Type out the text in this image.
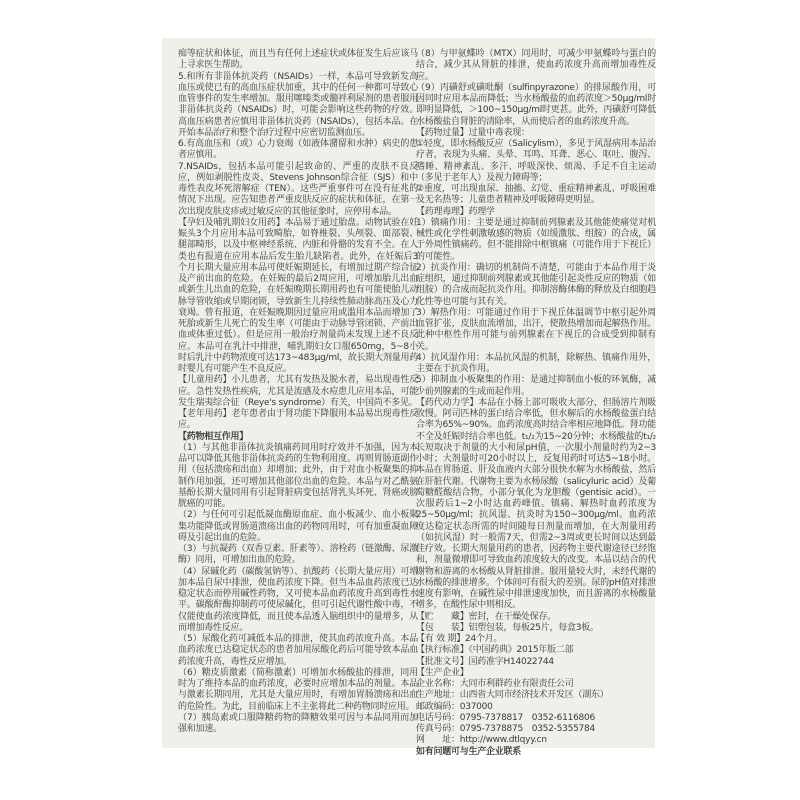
痴等症状和体征，而且当有任何上述症状或体征发生后应该马上寻求医生帮助。

5.和所有非甾体抗炎药（NSAIDs）一样，本品可导致新发高血压或使已有的高血压症状加重，其中的任何一种都可导致心血管事件的发生率增加。服用噻嗪类或髓袢利尿剂的患者服用非甾体抗炎药（NSAIDs）时，可能会影响这些药物的疗效。高血压病患者应慎用非甾体抗炎药（NSAIDs），包括本品。在开始本品治疗和整个治疗过程中应密切监测血压。

6.有高血压和（或）心力衰竭（如液体潴留和水肿）病史的患者应慎用。

7.NSAIDs，包括本品可能引起致命的、严重的皮肤不良反应，例如剥脱性皮炎、Stevens Johnson综合征（SJS）和中毒性表皮坏死溶解症（TEN）。这些严重事件可在没有征兆的情况下出现。应告知患者严重皮肤反应的症状和体征，在第一次出现皮肤皮疹或过敏反应的其他征象时，应停用本品。

【孕妇及哺乳期妇女用药】本品易于通过胎盘。动物试验在妊娠头3个月应用本品可致畸胎，如脊椎裂、头颅裂、面部裂、腿部畸形，以及中枢神经系统、内脏和骨骼的发育不全。在人类也有报道在应用本品后发生胎儿缺陷者。此外，在妊娠后3个月长期大量应用本品可使妊娠期延长，有增加过期产综合征及产前出血的危险。在妊娠的最后2周应用，可增加胎儿出血或新生儿出血的危险，在妊娠晚期长期用药也有可能使胎儿动脉导管收缩或早期闭锁，导致新生儿持续性肺动脉高压及心力衰竭。曾有报道，在妊娠晚期因过量应用或滥用本品而增加了死胎或新生儿死亡的发生率（可能由于动脉导管闭锁、产前出血或体重过低）。但是应用一般治疗剂量尚未发现上述不良反应。本品可在乳汁中排泄，哺乳期妇女口服650mg，5~8小时后乳汁中药物浓度可达173~483μg/ml，故长期大剂量用药时婴儿有可能产生不良反应。

【儿童用药】小儿患者，尤其有发热及脱水者，易出现毒性反应。急性发热性疾病，尤其是流感及水痘患儿应用本品，可能发生瑞夷综合征（Reye's syndrome）有关，中国尚不多见。

【老年用药】老年患者由于肾功能下降服用本品易出现毒性反应。

【药物相互作用】

（1）与其他非甾体抗炎镇痛药同用时疗效并不加强，因为本品可以降低其他非甾体抗炎药的生物利用度。再则胃肠道副作用（包括溃疡和出血）却增加；此外，由于对血小板聚集的抑制作用加强，还可增加其他部位出血的危险。本品与对乙酰氨基酚长期大量同用有引起肾脏病变包括肾乳头坏死、肾癌或膀胱癌的可能。

（2）与任何可引起低凝血酶原血症、血小板减少、血小板聚集功能降低或胃肠道溃疡出血的药物同用时，可有加重凝血障碍及引起出血的危险。

（3）与抗凝药（双香豆素、肝素等）、溶栓药（链激酶、尿激酶）同用，可增加出血的危险。

（4）尿碱化药（碳酸氢钠等）、抗酸药（长期大量应用）可增加本品自尿中排泄，使血药浓度下降。但当本品血药浓度已达稳定状态而停用碱性药物，又可使本品血药浓度升高到毒性水平。碳酸酐酶抑制药可使尿碱化，但可引起代谢性酸中毒，不仅能使血药浓度降低，而且使本品透入脑组织中的量增多，从而增加毒性反应。

（5）尿酸化药可减低本品的排泄，使其血药浓度升高。本品血药浓度已达稳定状态的患者加用尿酸化药后可能导致本品血药浓度升高，毒性反应增加。

（6）糖皮质激素（简称激素）可增加水杨酸盐的排泄，同用时为了维持本品的血药浓度，必要时应增加本品的剂量。本品与激素长期同用，尤其是大量应用时，有增加胃肠溃疡和出血的危险性。为此，目前临床上不主张将此二种药物同时应用。

（7）胰岛素或口服降糖药物的降糖效果可因与本品同用而加强和加速。

（8）与甲氨蝶呤（MTX）同用时，可减少甲氨蝶呤与蛋白的结合，减少其从肾脏的排泄，使血药浓度升高而增加毒性反应。

（9）丙磺舒或磺吡酮（sulfinpyrazone）的排尿酸作用，可因同时应用本品而降低；当水杨酸盐的血药浓度＞50μg/ml时即明显降低，＞100~150μg/ml时更甚。此外，丙磺舒可降低水杨酸盐自肾脏的清除率，从而使后者的血药浓度升高。

【药物过量】过量中毒表现：

①轻度，即水杨酸反应（Salicylism），多见于风湿病用本品治疗者，表现为头痛、头晕、耳鸣、耳聋、恶心、呕吐、腹泻、嗜睡、精神紊乱、多汗、呼吸深快、烦渴、手足不自主运动（多见于老年人）及视力障碍等；

②重度，可出现血尿、抽搐、幻觉、重症精神紊乱、呼吸困难及无名热等；儿童患者精神及呼吸障碍更明显。

【药理毒理】药理学

1）镇痛作用：主要是通过抑制前列腺素及其他能使痛觉对机械性或化学性刺激敏感的物质（如缓激肽、组胺）的合成，属于外周性镇痛药。但不能排除中枢镇痛（可能作用于下视丘）的可能性。

2）抗炎作用：确切的机制尚不清楚，可能由于本品作用于炎症组织，通过抑制前列腺素或其他能引起炎性反应的物质（如组胺）的合成而起抗炎作用。抑制溶酶体酶的释放及白细胞趋化性等也可能与其有关。

3）解热作用：可能通过作用于下视丘体温调节中枢引起外周血管扩张，皮肤血流增加，出汗，使散热增加而起解热作用。此种中枢性作用可能与前列腺素在下视丘的合成受到抑制有关。

4）抗风湿作用：本品抗风湿的机制，除解热、镇痛作用外，主要在于抗炎作用。

5）抑制血小板聚集的作用：是通过抑制血小板的环氧酶，减少前列腺素的生成而起作用。

【药代动力学】本品在小肠上部可吸收大部分，但肠溶片剂吸收慢。阿司匹林的蛋白结合率低，但水解后的水杨酸盐蛋白结合率为65%~90%。血药浓度高时结合率相应地降低。肾功能不全及妊娠时结合率也低。t₁/₂为15~20分钟；水杨酸盐的t₁/₂长短取决于剂量的大小和尿pH值，一次服小剂量时约为2~3小时；大剂量时可20小时以上，反复用药时可达5~18小时。本品在胃肠道、肝及血液内大部分很快水解为水杨酸盐，然后在肝脏代谢。代谢物主要为水杨尿酸（salicyluric acid）及葡萄糖醛酸结合物，小部分氧化为龙胆酸（gentisic acid）。一次服药后1~2小时达血药峰值。镇痛、解热时血药浓度为25~50μg/ml；抗风湿、抗炎时为150~300μg/ml。血药浓度达稳定状态所需的时间随每日剂量而增加，在大剂量用药（如抗风湿）时一般需7天，但需2~3周或更长时间以达到最佳疗效。长期大剂量用药的患者，因药物主要代谢途径已经饱和，剂量微增即可导致血药浓度较大的改变。本品以结合的代谢物和游离的水杨酸从肾脏排泄。服用量较大时，未经代谢的水杨酸的排泄增多。个体间可有很大的差别。尿的pH值对排泄速度有影响，在碱性尿中排泄速度加快，而且游离的水杨酸量增多，在酸性尿中则相反。

【贮　　藏】密封，在干燥处保存。

【包　　装】铝塑包装，每板25片，每盒3板。

【有 效 期】24个月。

【执行标准】《中国药典》2015年版二部

【批准文号】国药准字H14022744

【生产企业】

企业名称：大同市利群药业有限责任公司

生产地址：山西省大同市经济技术开发区（湖东）

邮政编码：037000

电话号码：0795-7378817　0352-6116806

传真号码：0795-7378875　0352-5355784

网　　址：http://www.dtlqyy.cn

如有问题可与生产企业联系
